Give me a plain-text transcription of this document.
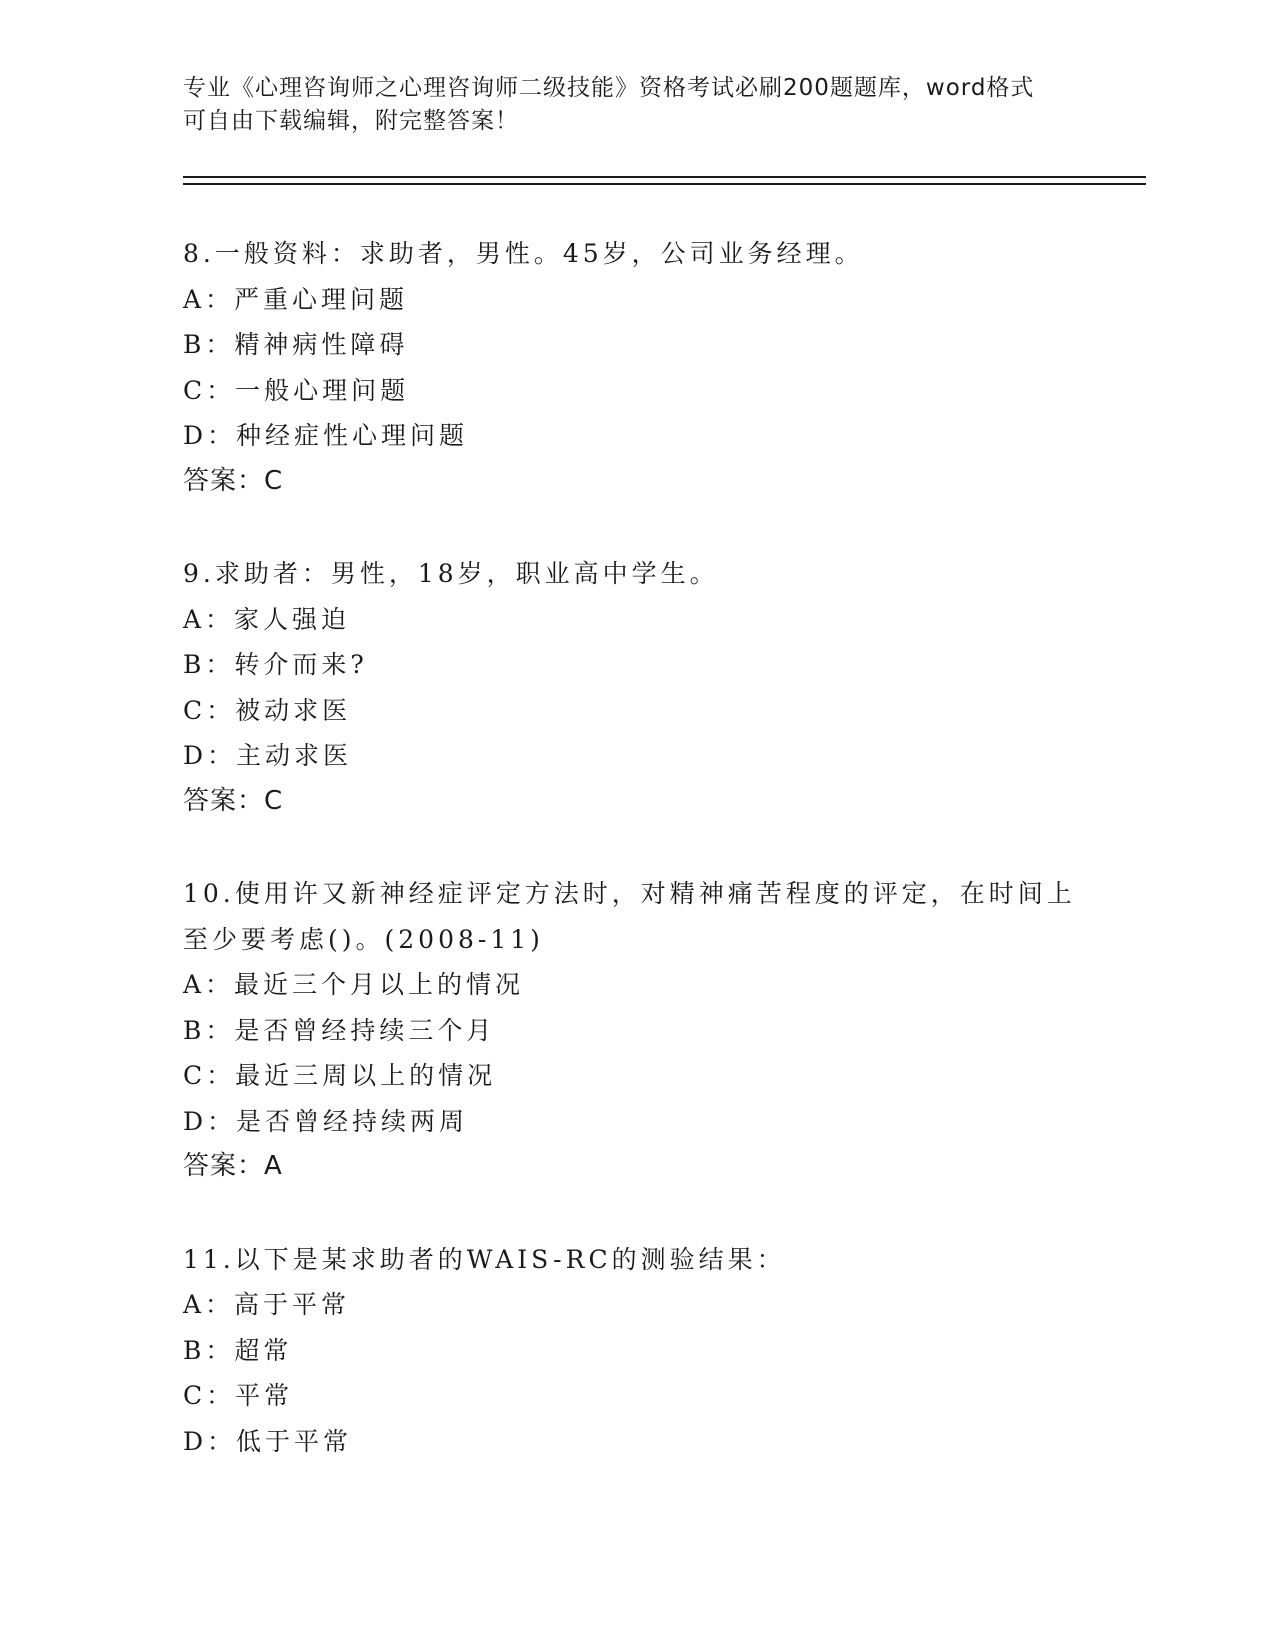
专业《心理咨询师之心理咨询师二级技能》资格考试必刷200题题库，word格式
可自由下载编辑，附完整答案！
8.一般资料：求助者，男性。45岁，公司业务经理。
A：严重心理问题
B：精神病性障碍
C：一般心理问题
D：种经症性心理问题
答案：C
9.求助者：男性，18岁，职业高中学生。
A：家人强迫
B：转介而来?
C：被动求医
D：主动求医
答案：C
10.使用许又新神经症评定方法时，对精神痛苦程度的评定，在时间上
至少要考虑()。(2008-11)
A：最近三个月以上的情况
B：是否曾经持续三个月
C：最近三周以上的情况
D：是否曾经持续两周
答案：A
11.以下是某求助者的WAIS-RC的测验结果：
A：高于平常
B：超常
C：平常
D：低于平常
